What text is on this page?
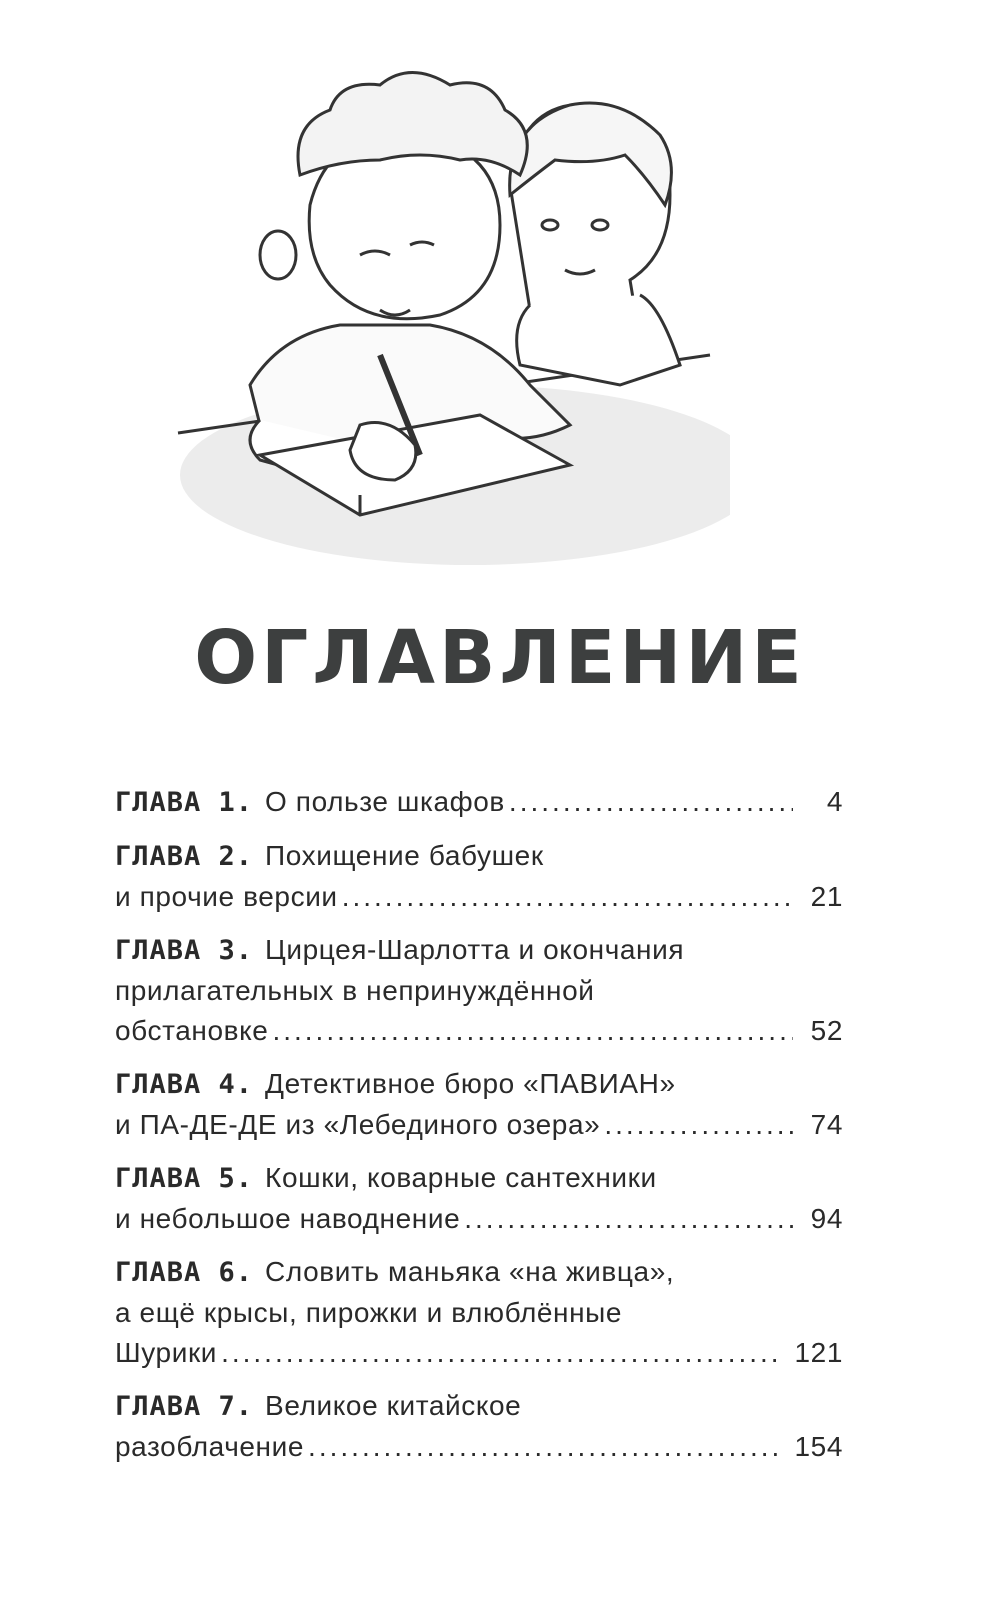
ОГЛАВЛЕНИЕ
ГЛАВА 1. О пользе шкафов .....	4
ГЛАВА 2. Похищение бабушек
и прочие версии .....	21
ГЛАВА 3. Цирцея-Шарлотта и окончания
прилагательных в непринуждённой
обстановке .....	52
ГЛАВА 4. Детективное бюро «ПАВИАН»
и ПА-ДЕ-ДЕ из «Лебединого озера» .....	74
ГЛАВА 5. Кошки, коварные сантехники
и небольшое наводнение .....	94
ГЛАВА 6. Словить маньяка «на живца»,
а ещё крысы, пирожки и влюблённые
Шурики .....	121
ГЛАВА 7. Великое китайское
разоблачение .....	154
